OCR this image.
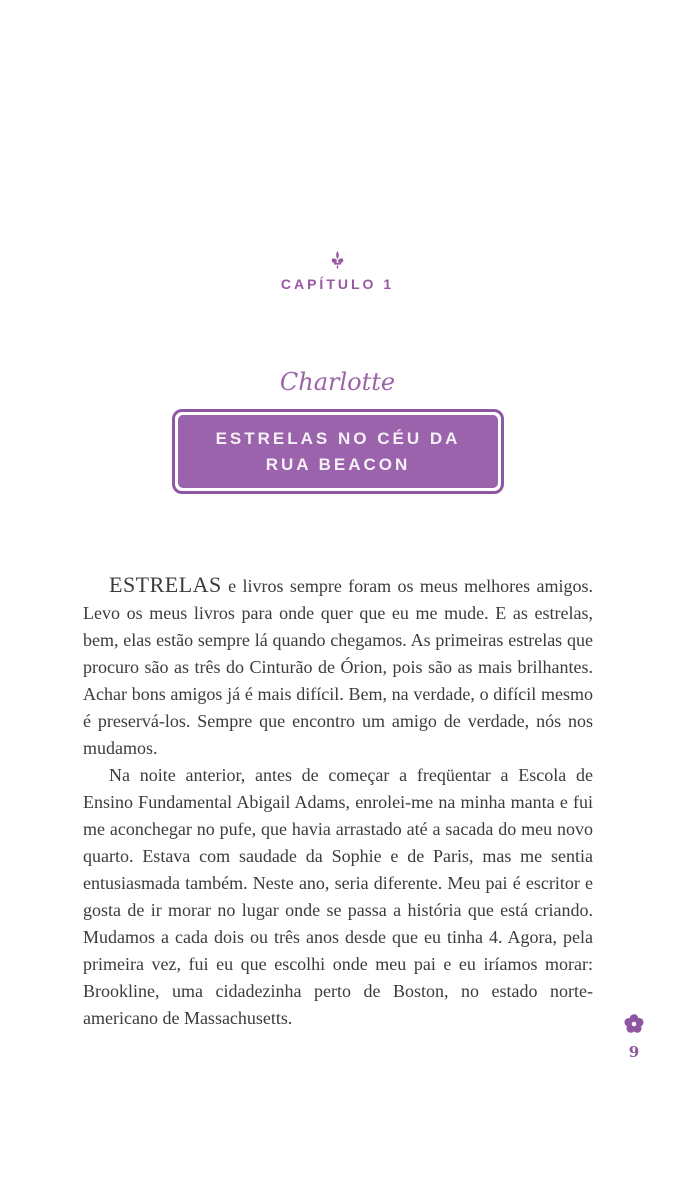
CAPÍTULO 1
Charlotte
ESTRELAS NO CÉU DA
RUA BEACON

ESTRELAS e livros sempre foram os meus melhores amigos. Levo os meus livros para onde quer que eu me mude. E as estrelas, bem, elas estão sempre lá quando chegamos. As primeiras estrelas que procuro são as três do Cinturão de Órion, pois são as mais brilhantes. Achar bons amigos já é mais difícil. Bem, na verdade, o difícil mesmo é preservá-los. Sempre que encontro um amigo de verdade, nós nos mudamos.

Na noite anterior, antes de começar a freqüentar a Escola de Ensino Fundamental Abigail Adams, enrolei-me na minha manta e fui me aconchegar no pufe, que havia arrastado até a sacada do meu novo quarto. Estava com saudade da Sophie e de Paris, mas me sentia entusiasmada também. Neste ano, seria diferente. Meu pai é escritor e gosta de ir morar no lugar onde se passa a história que está criando. Mudamos a cada dois ou três anos desde que eu tinha 4. Agora, pela primeira vez, fui eu que escolhi onde meu pai e eu iríamos morar: Brookline, uma cidadezinha perto de Boston, no estado norte-americano de Massachusetts.

9
